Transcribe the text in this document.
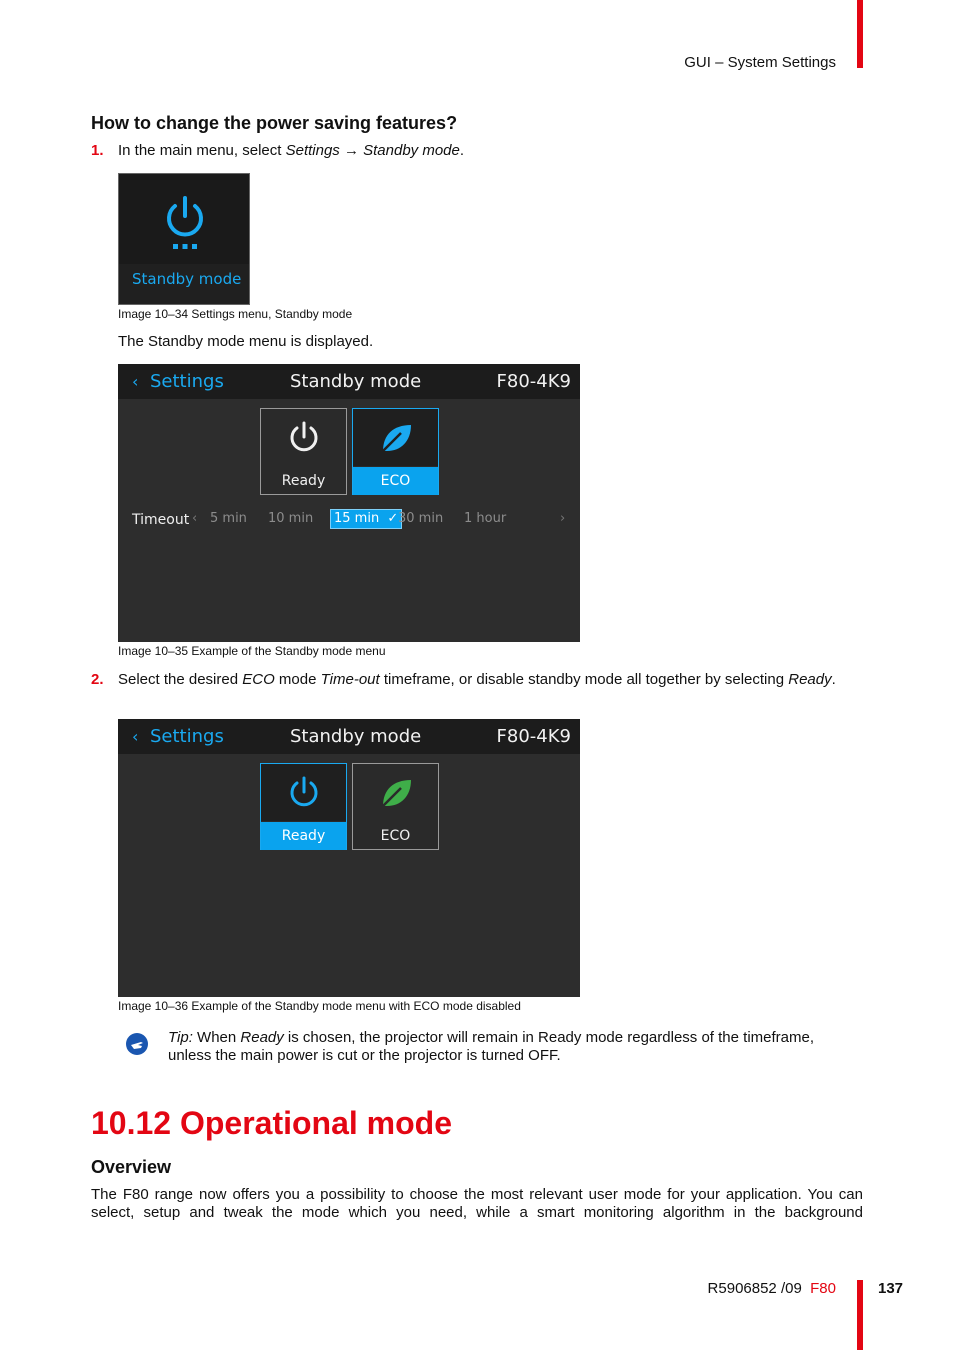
GUI – System Settings
How to change the power saving features?
1. In the main menu, select Settings → Standby mode.
Standby mode
Image 10–34 Settings menu, Standby mode
The Standby mode menu is displayed.
‹ Settings	Standby mode	F80-4K9
Ready	ECO
Timeout ‹ 5 min 10 min	15 min ✓ 30 min 1 hour	›
Image 10–35 Example of the Standby mode menu
2. Select the desired ECO mode Time-out timeframe, or disable standby mode all together by selecting Ready.
‹ Settings	Standby mode	F80-4K9
Ready	ECO
Image 10–36 Example of the Standby mode menu with ECO mode disabled
Tip: When Ready is chosen, the projector will remain in Ready mode regardless of the timeframe, unless the main power is cut or the projector is turned OFF.
10.12 Operational mode
Overview
The F80 range now offers you a possibility to choose the most relevant user mode for your application. You can select, setup and tweak the mode which you need, while a smart monitoring algorithm in the background
R5906852 /09 F80	137
